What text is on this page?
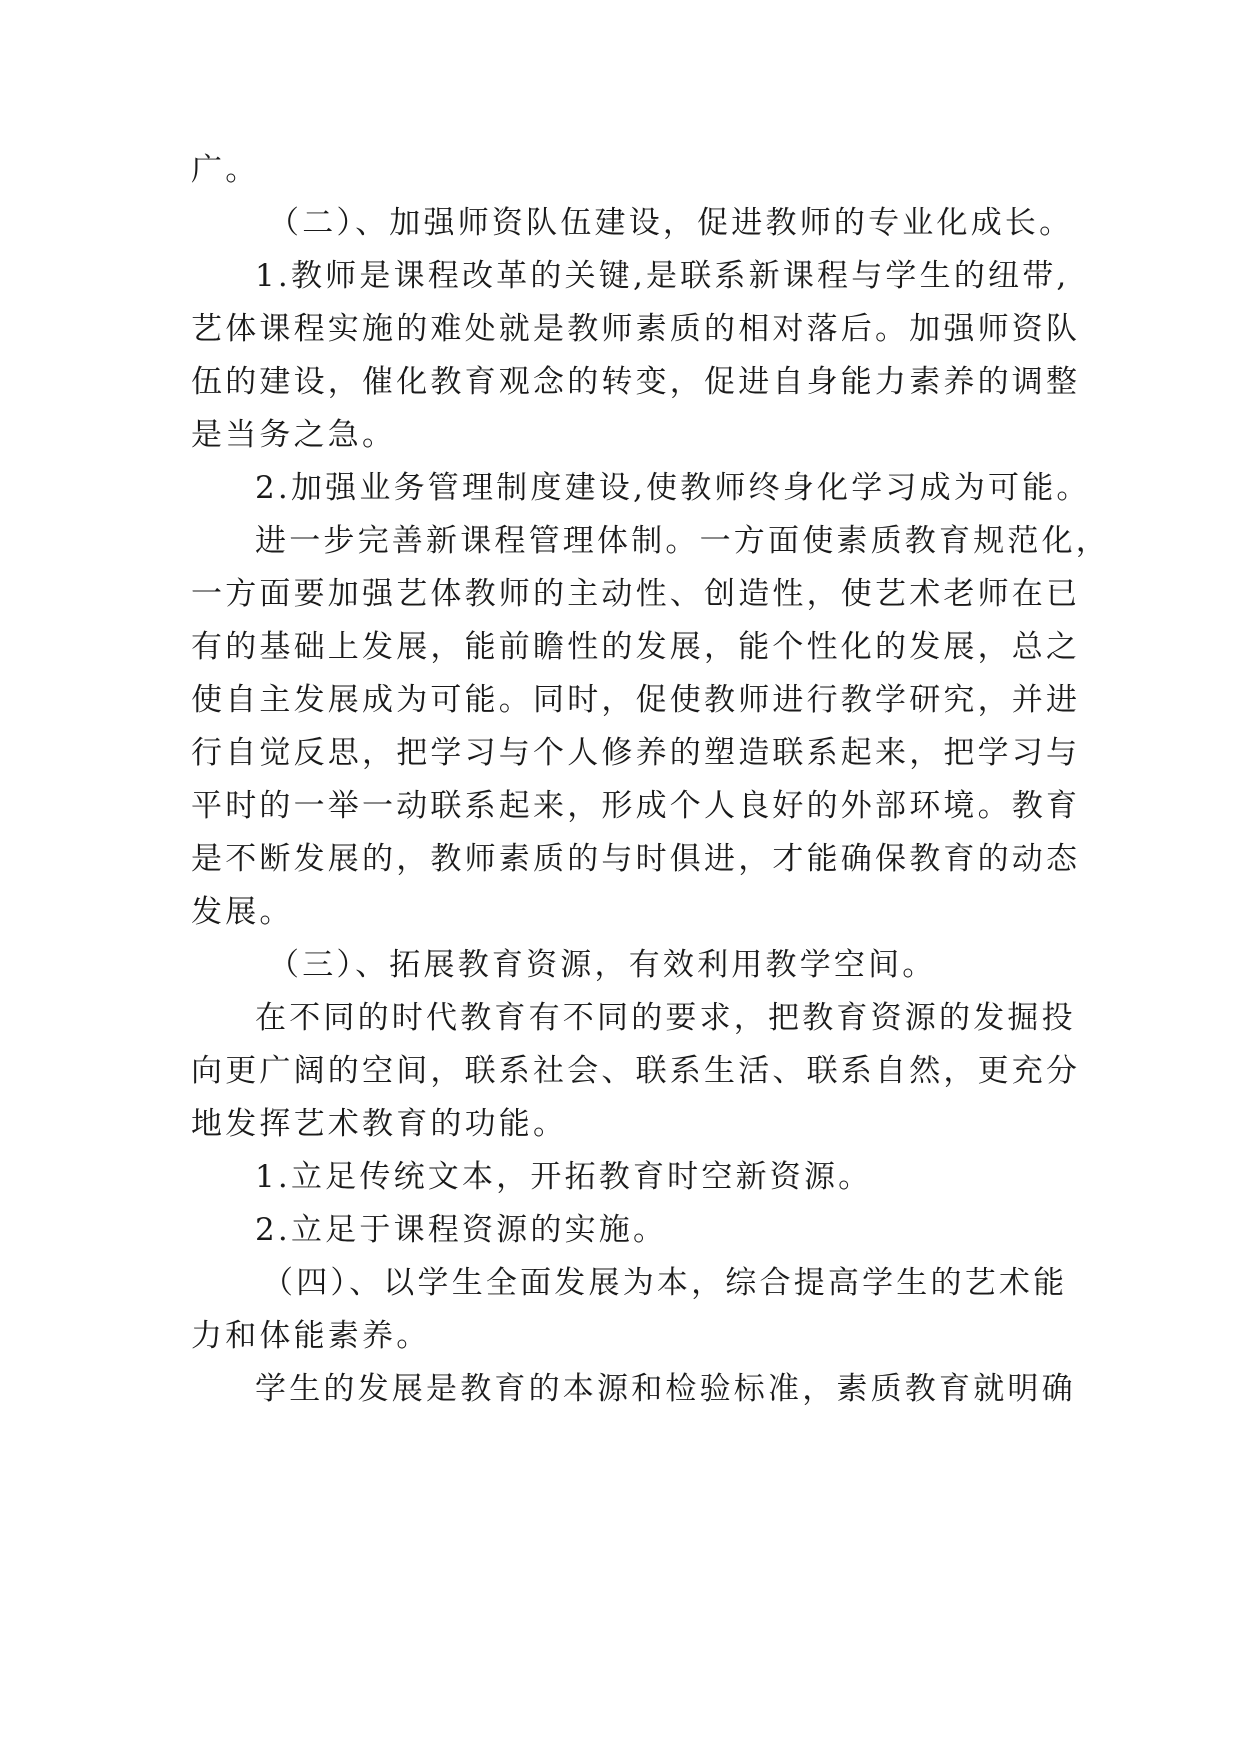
广。
（二）、加强师资队伍建设，促进教师的专业化成长。
1.教师是课程改革的关键,是联系新课程与学生的纽带,
艺体课程实施的难处就是教师素质的相对落后。加强师资队
伍的建设，催化教育观念的转变，促进自身能力素养的调整
是当务之急。
2.加强业务管理制度建设,使教师终身化学习成为可能。
进一步完善新课程管理体制。一方面使素质教育规范化，
一方面要加强艺体教师的主动性、创造性，使艺术老师在已
有的基础上发展，能前瞻性的发展，能个性化的发展，总之
使自主发展成为可能。同时，促使教师进行教学研究，并进
行自觉反思，把学习与个人修养的塑造联系起来，把学习与
平时的一举一动联系起来，形成个人良好的外部环境。教育
是不断发展的，教师素质的与时俱进，才能确保教育的动态
发展。
（三）、拓展教育资源，有效利用教学空间。
在不同的时代教育有不同的要求，把教育资源的发掘投
向更广阔的空间，联系社会、联系生活、联系自然，更充分
地发挥艺术教育的功能。
1.立足传统文本，开拓教育时空新资源。
2.立足于课程资源的实施。
（四）、以学生全面发展为本，综合提高学生的艺术能
力和体能素养。
学生的发展是教育的本源和检验标准，素质教育就明确
